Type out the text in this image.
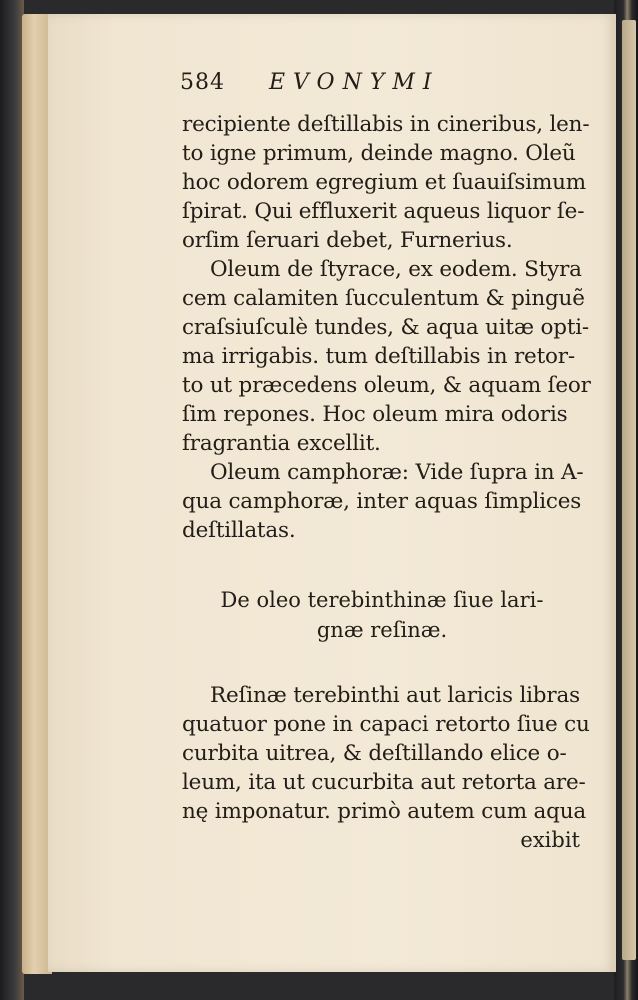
584 EVONYMI
recipiente deſtillabis in cineribus, len-
to igne primum, deinde magno. Oleũ
hoc odorem egregium et ſuauiſsimum
ſpirat. Qui effluxerit aqueus liquor ſe-
orſim ſeruari debet, Furnerius.
Oleum de ſtyrace, ex eodem. Styra
cem calamiten ſucculentum & pinguẽ
craſsiuſculè tundes, & aqua uitæ opti-
ma irrigabis. tum deſtillabis in retor-
to ut præcedens oleum, & aquam ſeor
ſim repones. Hoc oleum mira odoris
fragrantia excellit.
Oleum camphoræ: Vide ſupra in A-
qua camphoræ, inter aquas ſimplices
deſtillatas.
De oleo terebinthinæ ſiue lari-
gnæ reſinæ.
Reſinæ terebinthi aut laricis libras
quatuor pone in capaci retorto ſiue cu
curbita uitrea, & deſtillando elice o-
leum, ita ut cucurbita aut retorta are-
nę imponatur. primò autem cum aqua
exibit
